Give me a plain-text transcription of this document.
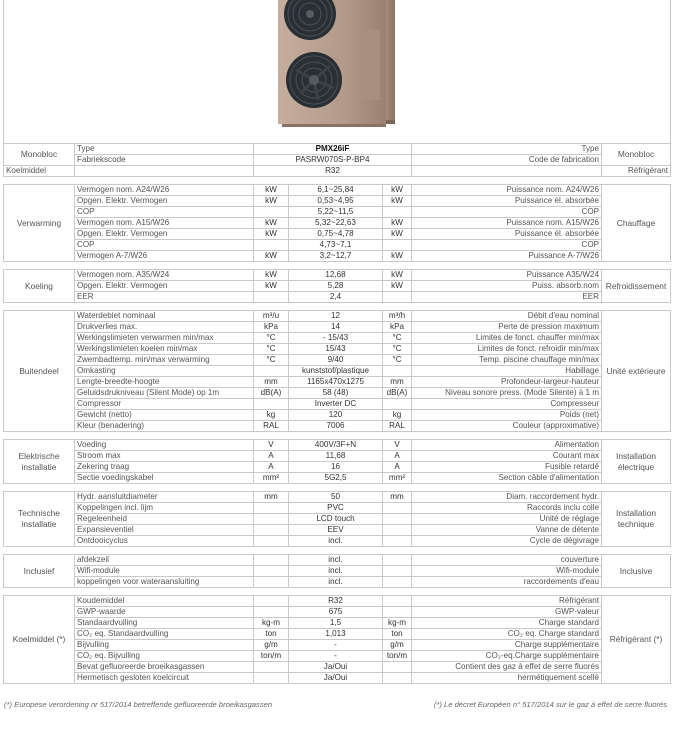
Monobloc	Type	PMX26iF			Type	Monobloc
	Fabriekscode	PASRW070S-P-BP4			Code de fabrication	
Koelmiddel		R32				Réfrigérant

Verwarming	Vermogen nom. A24/W26	kW	6,1~25,84	kW	Puissance nom. A24/W26	Chauffage
	Opgen. Elektr. Vermogen	kW	0,53~4,95	kW	Puissance él. absorbée	
	COP		5,22~11,5		COP	
	Vermogen nom. A15/W26	kW	5,32~22,63	kW	Puissance nom. A15/W26	
	Opgen. Elektr. Vermogen	kW	0,75~4,78	kW	Puissance él. absorbée	
	COP		4,73~7,1		COP	
	Vermogen A-7/W26	kW	3,2~12,7	kW	Puissance A-7/W26	

Koeling	Vermogen nom. A35/W24	kW	12,68	kW	Puissance A35/W24	Refroidissement
	Opgen. Elektr. Vermogen	kW	5,28	kW	Puiss. absorb.nom	
	EER		2,4		EER	

Buitendeel	Waterdebiet nominaal	m³/u	12	m³/h	Débit d'eau nominal	Unité extérieure
	Drukverlies max.	kPa	14	kPa	Perte de pression maximum	
	Werkingslimieten verwarmen min/max	°C	- 15/43	°C	Limites de fonct. chauffer min/max	
	Werkingslimieten koelen min/max	°C	15/43	°C	Limites de fonct. refroidir min/max	
	Zwembadtemp. min/max verwarming	°C	9/40	°C	Temp. piscine chauffage min/max	
	Omkasting		kunststof/plastique		Habillage	
	Lengte-breedte-hoogte	mm	1165x470x1275	mm	Profondeur-largeur-hauteur	
	Geluidsdrukniveau (Silent Mode) op 1m	dB(A)	58 (48)	dB(A)	Niveau sonore press. (Mode Silente) à 1 m	
	Compressor		Inverter DC		Compresseur	
	Gewicht (netto)	kg	120	kg	Poids (net)	
	Kleur (benadering)	RAL	7006	RAL	Couleur (approximative)	

Elektrische installatie	Voeding	V	400V/3F+N	V	Alimentation	Installation électrique
	Stroom max	A	11,68	A	Courant max	
	Zekering traag	A	16	A	Fusible retardé	
	Sectie voedingskabel	mm²	5G2,5	mm²	Section câble d'alimentation	

Technische installatie	Hydr. aansluitdiameter	mm	50	mm	Diam. raccordement hydr.	Installation technique
	Koppelingen incl. lijm		PVC		Raccords inclu colle	
	Regeleenheid		LCD touch		Unité de réglage	
	Expansieventiel		EEV		Vanne de détente	
	Ontdooicyclus		incl.		Cycle de dégivrage	

Inclusief	afdekzeil		incl.		couverture	Inclusive
	Wifi-module		incl.		Wifi-module	
	koppelingen voor wateraansluiting		incl.		raccordements d'eau	

Koelmiddel (*)	Koudemiddel		R32		Réfrigérant	Réfrigérant (*)
	GWP-waarde		675		GWP-valeur	
	Standaardvulling	kg-m	1,5	kg-m	Charge standard	
	CO₂ eq. Standaardvulling	ton	1,013	ton	CO₂ eq. Charge standard	
	Bijvulling	g/m	-	g/m	Charge supplémentaire	
	CO₂ eq. Bijvulling	ton/m	-	ton/m	CO₂-eq.Charge supplémentaire	
	Bevat gefluoreerde broeikasgassen		Ja/Oui		Contient des gaz à effet de serre fluorés	
	Hermetisch gesloten koelcircuit		Ja/Oui		hermétiquement scellé	
(*) Europese verordening nr 517/2014 betreffende gefluoreerde broeikasgassen	(*) Le décret Européen n° 517/2014 sur le gaz à effet de serre fluorés
